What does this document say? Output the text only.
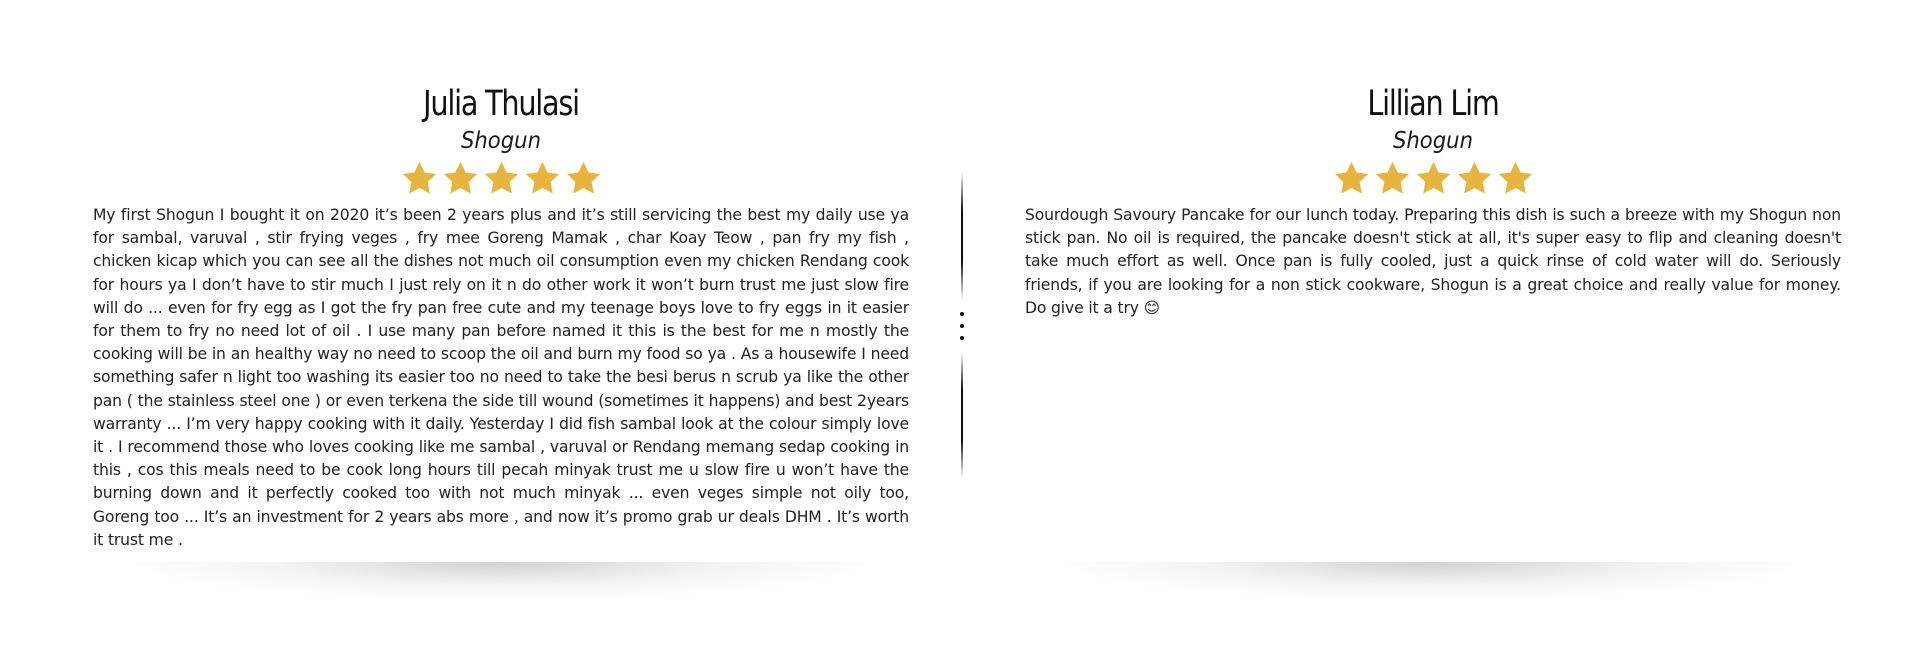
Julia Thulasi
Shogun
My first Shogun I bought it on 2020 it’s been 2 years plus and it’s still servicing the best my daily use ya for sambal, varuval , stir frying veges , fry mee Goreng Mamak , char Koay Teow , pan fry my fish , chicken kicap which you can see all the dishes not much oil consumption even my chicken Rendang cook for hours ya I don’t have to stir much I just rely on it n do other work it won’t burn trust me just slow fire will do ... even for fry egg as I got the fry pan free cute and my teenage boys love to fry eggs in it easier for them to fry no need lot of oil . I use many pan before named it this is the best for me n mostly the cooking will be in an healthy way no need to scoop the oil and burn my food so ya . As a housewife I need something safer n light too washing its easier too no need to take the besi berus n scrub ya like the other pan ( the stainless steel one ) or even terkena the side till wound (sometimes it happens) and best 2years warranty ... I’m very happy cooking with it daily. Yesterday I did fish sambal look at the colour simply love it . I recommend those who loves cooking like me sambal , varuval or Rendang memang sedap cooking in this , cos this meals need to be cook long hours till pecah minyak trust me u slow fire u won’t have the burning down and it perfectly cooked too with not much minyak ... even veges simple not oily too, Goreng too ... It’s an investment for 2 years abs more , and now it’s promo grab ur deals DHM . It’s worth it trust me .
Lillian Lim
Shogun
Sourdough Savoury Pancake for our lunch today. Preparing this dish is such a breeze with my Shogun non stick pan. No oil is required, the pancake doesn't stick at all, it's super easy to flip and cleaning doesn't take much effort as well. Once pan is fully cooled, just a quick rinse of cold water will do. Seriously friends, if you are looking for a non stick cookware, Shogun is a great choice and really value for money. Do give it a try 😊
